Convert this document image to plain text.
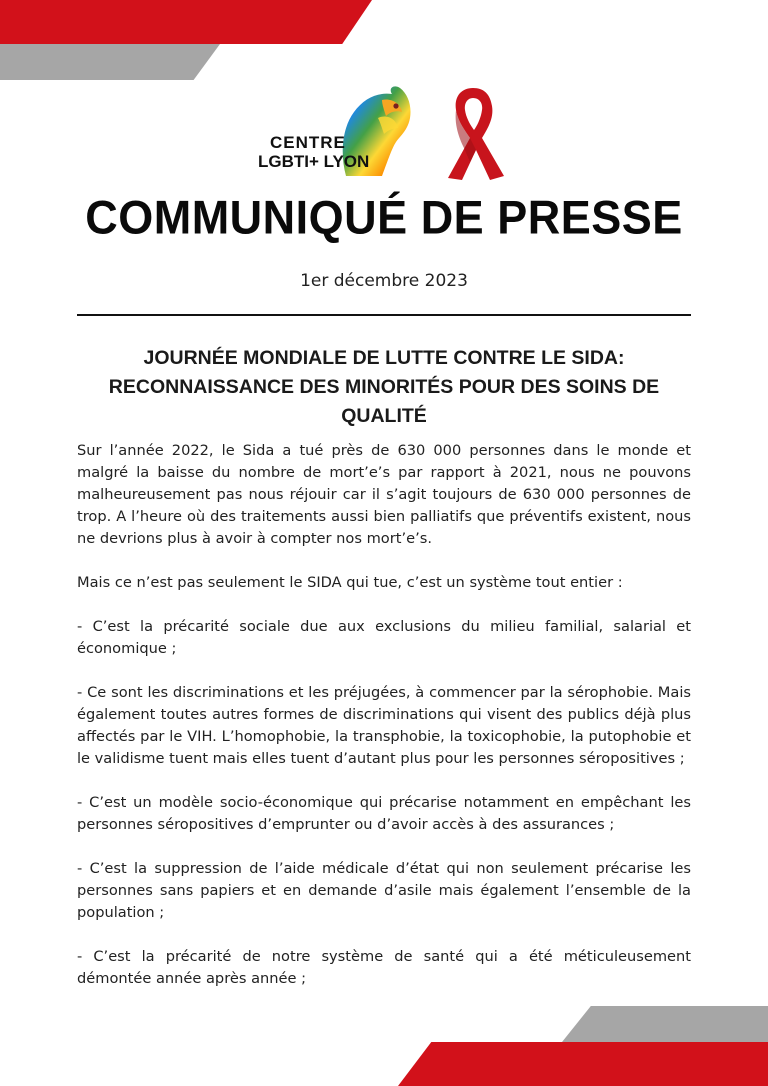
CENTRE
LGBTI+ LYON
COMMUNIQUÉ DE PRESSE
1er décembre 2023
JOURNÉE MONDIALE DE LUTTE CONTRE LE SIDA: RECONNAISSANCE DES MINORITÉS POUR DES SOINS DE QUALITÉ

Sur l’année 2022, le Sida a tué près de 630 000 personnes dans le monde et malgré la baisse du nombre de mort’e’s par rapport à 2021, nous ne pouvons malheureusement pas nous réjouir car il s’agit toujours de 630 000 personnes de trop. A l’heure où des traitements aussi bien palliatifs que préventifs existent, nous ne devrions plus à avoir à compter nos mort’e’s.

Mais ce n’est pas seulement le SIDA qui tue, c’est un système tout entier :

- C’est la précarité sociale due aux exclusions du milieu familial, salarial et économique ;

- Ce sont les discriminations et les préjugées, à commencer par la sérophobie. Mais également toutes autres formes de discriminations qui visent des publics déjà plus affectés par le VIH. L’homophobie, la transphobie, la toxicophobie, la putophobie et le validisme tuent mais elles tuent d’autant plus pour les personnes séropositives ;

- C’est un modèle socio-économique qui précarise notamment en empêchant les personnes séropositives d’emprunter ou d’avoir accès à des assurances ;

- C’est la suppression de l’aide médicale d’état qui non seulement précarise les personnes sans papiers et en demande d’asile mais également l’ensemble de la population ;

- C’est la précarité de notre système de santé qui a été méticuleusement démontée année après année ;
